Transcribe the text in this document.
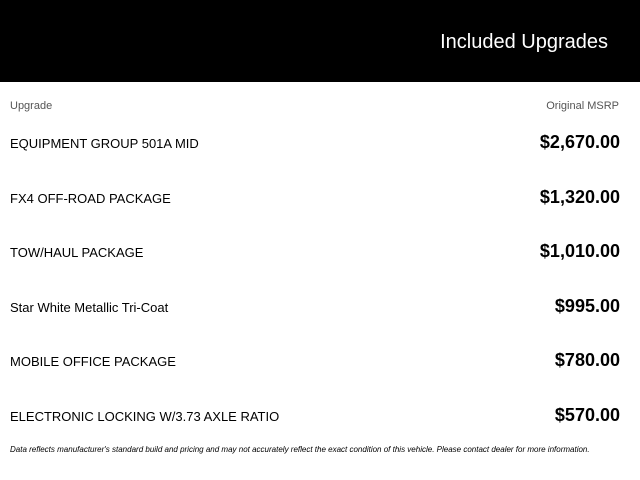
Included Upgrades
Upgrade	Original MSRP
EQUIPMENT GROUP 501A MID	$2,670.00
FX4 OFF-ROAD PACKAGE	$1,320.00
TOW/HAUL PACKAGE	$1,010.00
Star White Metallic Tri-Coat	$995.00
MOBILE OFFICE PACKAGE	$780.00
ELECTRONIC LOCKING W/3.73 AXLE RATIO	$570.00
Data reflects manufacturer's standard build and pricing and may not accurately reflect the exact condition of this vehicle. Please contact dealer for more information.
